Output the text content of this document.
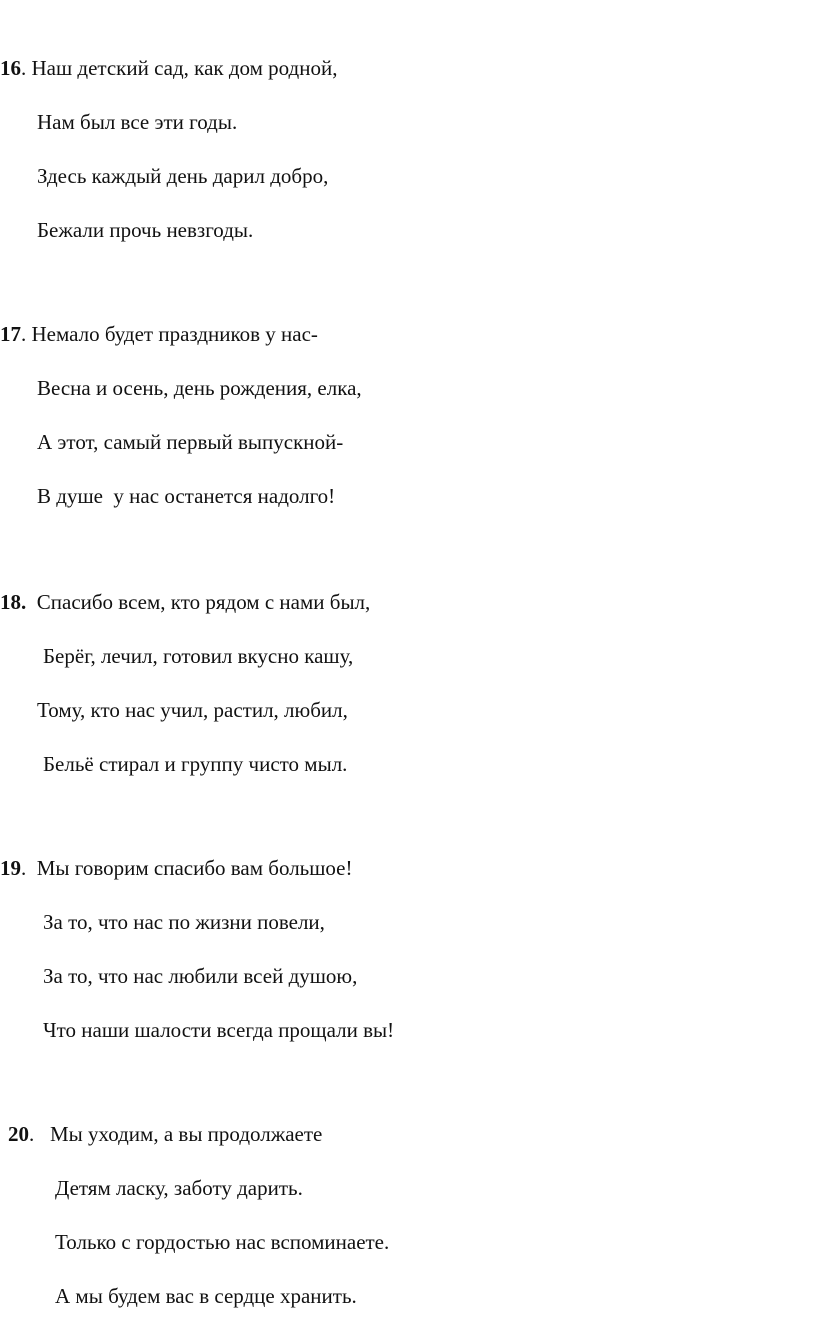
16. Наш детский сад, как дом родной,
Нам был все эти годы.
Здесь каждый день дарил добро,
Бежали прочь невзгоды.
17. Немало будет праздников у нас-
Весна и осень, день рождения, елка,
А этот, самый первый выпускной-
В душе  у нас останется надолго!
18.  Спасибо всем, кто рядом с нами был,
Берёг, лечил, готовил вкусно кашу,
Тому, кто нас учил, растил, любил,
Бельё стирал и группу чисто мыл.
19.  Мы говорим спасибо вам большое!
За то, что нас по жизни повели,
За то, что нас любили всей душою,
Что наши шалости всегда прощали вы!
20.   Мы уходим, а вы продолжаете
Детям ласку, заботу дарить.
Только с гордостью нас вспоминаете.
А мы будем вас в сердце хранить.
